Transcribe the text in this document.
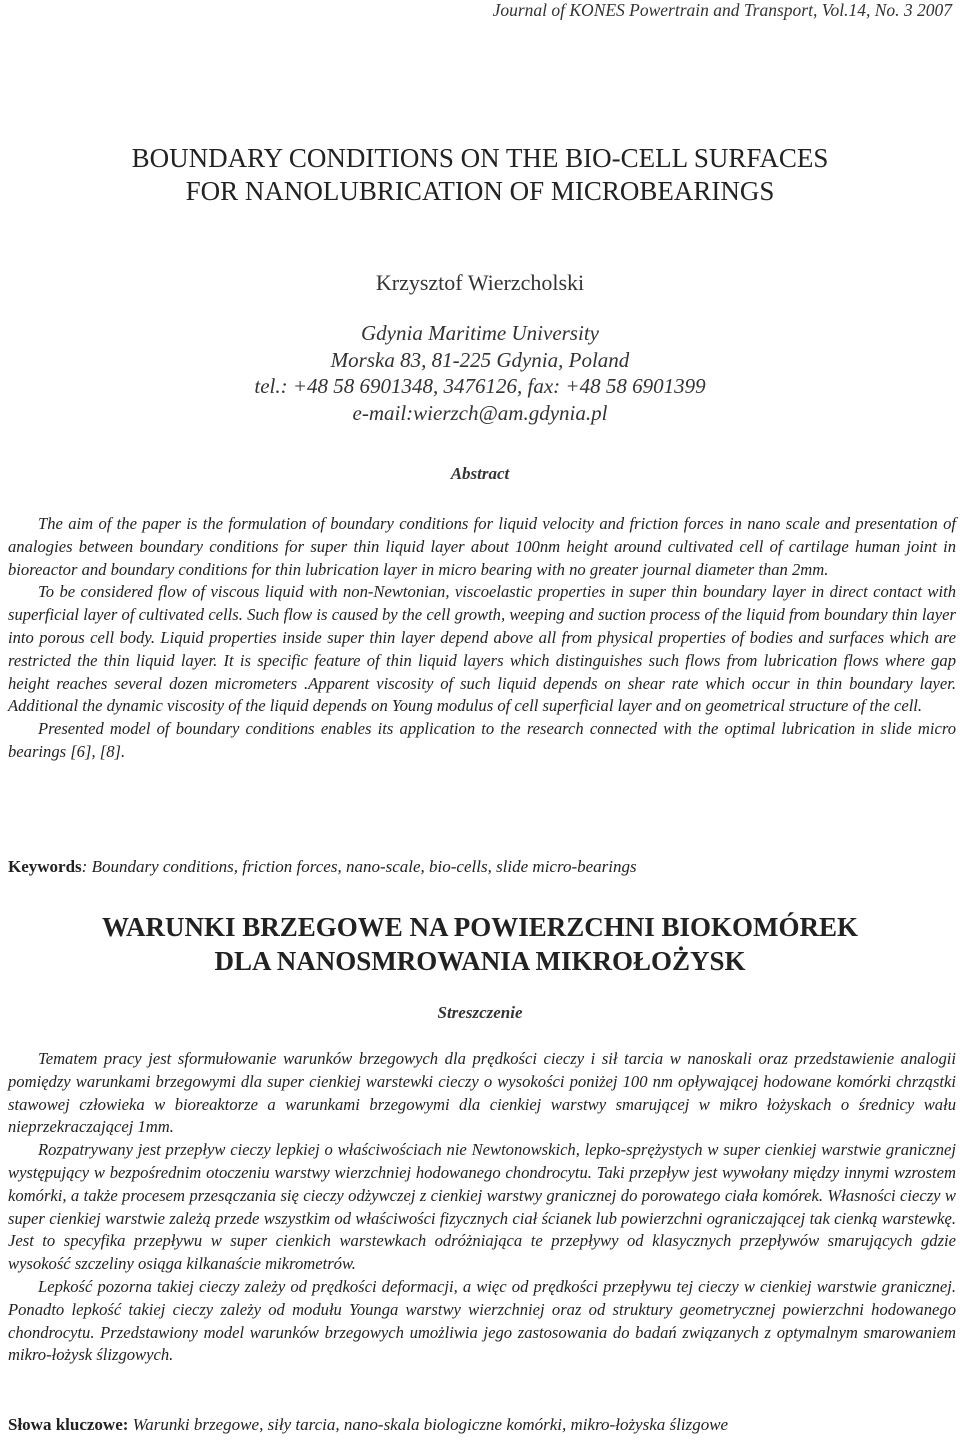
Journal of KONES Powertrain and Transport, Vol.14, No. 3 2007
BOUNDARY CONDITIONS ON THE BIO-CELL SURFACES
FOR NANOLUBRICATION OF MICROBEARINGS
Krzysztof Wierzcholski
Gdynia Maritime University
Morska 83, 81-225 Gdynia, Poland
tel.: +48 58 6901348, 3476126, fax: +48 58 6901399
e-mail:wierzch@am.gdynia.pl
Abstract

The aim of the paper is the formulation of boundary conditions for liquid velocity and friction forces in nano scale and presentation of analogies between boundary conditions for super thin liquid layer about 100nm height around cultivated cell of cartilage human joint in bioreactor and boundary conditions for thin lubrication layer in micro bearing with no greater journal diameter than 2mm.

To be considered flow of viscous liquid with non-Newtonian, viscoelastic properties in super thin boundary layer in direct contact with superficial layer of cultivated cells. Such flow is caused by the cell growth, weeping and suction process of the liquid from boundary thin layer into porous cell body. Liquid properties inside super thin layer depend above all from physical properties of bodies and surfaces which are restricted the thin liquid layer. It is specific feature of thin liquid layers which distinguishes such flows from lubrication flows where gap height reaches several dozen micrometers .Apparent viscosity of such liquid depends on shear rate which occur in thin boundary layer. Additional the dynamic viscosity of the liquid depends on Young modulus of cell superficial layer and on geometrical structure of the cell.

Presented model of boundary conditions enables its application to the research connected with the optimal lubrication in slide micro bearings [6], [8].

Keywords: Boundary conditions, friction forces, nano-scale, bio-cells, slide micro-bearings
WARUNKI BRZEGOWE NA POWIERZCHNI BIOKOMÓREK
DLA NANOSMROWANIA MIKROŁOŻYSK
Streszczenie

Tematem pracy jest sformułowanie warunków brzegowych dla prędkości cieczy i sił tarcia w nanoskali oraz przedstawienie analogii pomiędzy warunkami brzegowymi dla super cienkiej warstewki cieczy o wysokości poniżej 100 nm opływającej hodowane komórki chrząstki stawowej człowieka w bioreaktorze a warunkami brzegowymi dla cienkiej warstwy smarującej w mikro łożyskach o średnicy wału nieprzekraczającej 1mm.

Rozpatrywany jest przepływ cieczy lepkiej o właściwościach nie Newtonowskich, lepko-sprężystych w super cienkiej warstwie granicznej występujący w bezpośrednim otoczeniu warstwy wierzchniej hodowanego chondrocytu. Taki przepływ jest wywołany między innymi wzrostem komórki, a także procesem przesączania się cieczy odżywczej z cienkiej warstwy granicznej do porowatego ciała komórek. Własności cieczy w super cienkiej warstwie zależą przede wszystkim od właściwości fizycznych ciał ścianek lub powierzchni ograniczającej tak cienką warstewkę. Jest to specyfika przepływu w super cienkich warstewkach odróżniająca te przepływy od klasycznych przepływów smarujących gdzie wysokość szczeliny osiąga kilkanaście mikrometrów.

Lepkość pozorna takiej cieczy zależy od prędkości deformacji, a więc od prędkości przepływu tej cieczy w cienkiej warstwie granicznej. Ponadto lepkość takiej cieczy zależy od modułu Younga warstwy wierzchniej oraz od struktury geometrycznej powierzchni hodowanego chondrocytu. Przedstawiony model warunków brzegowych umożliwia jego zastosowania do badań związanych z optymalnym smarowaniem mikro-łożysk ślizgowych.

Słowa kluczowe: Warunki brzegowe, siły tarcia, nano-skala biologiczne komórki, mikro-łożyska ślizgowe
